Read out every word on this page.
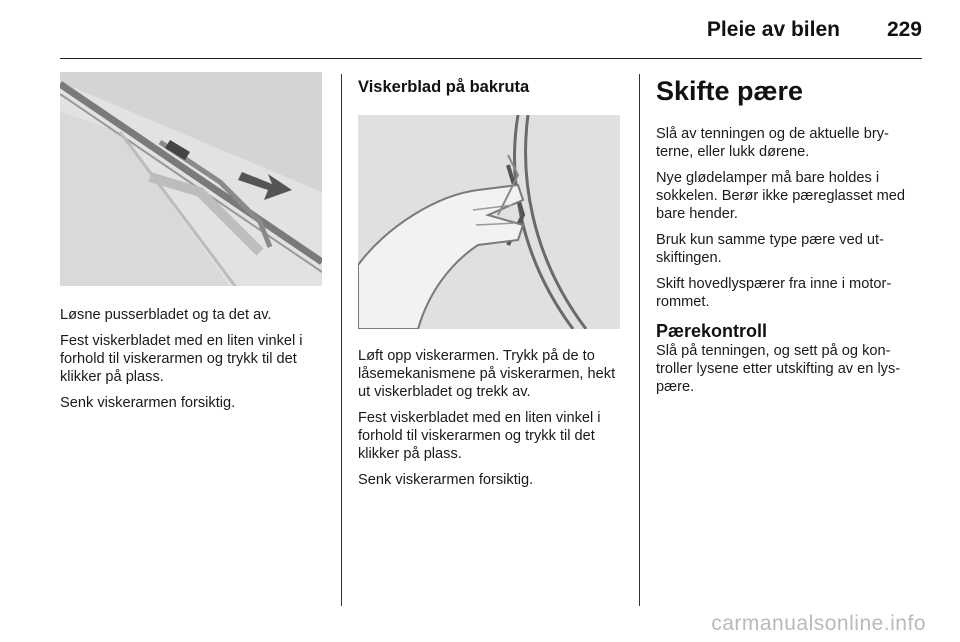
Pleie av bilen 229

Løsne pusserbladet og ta det av.

Fest viskerbladet med en liten vinkel i forhold til viskerarmen og trykk til det klikker på plass.

Senk viskerarmen forsiktig.

Viskerblad på bakruta

Løft opp viskerarmen. Trykk på de to låsemekanismene på viskerarmen, hekt ut viskerbladet og trekk av.

Fest viskerbladet med en liten vinkel i forhold til viskerarmen og trykk til det klikker på plass.

Senk viskerarmen forsiktig.

Skifte pære

Slå av tenningen og de aktuelle bry-terne, eller lukk dørene.

Nye glødelamper må bare holdes i sokkelen. Berør ikke pæreglasset med bare hender.

Bruk kun samme type pære ved ut-skiftingen.

Skift hovedlyspærer fra inne i motor-rommet.

Pærekontroll

Slå på tenningen, og sett på og kon-troller lysene etter utskifting av en lys-pære.

carmanualsonline.info
